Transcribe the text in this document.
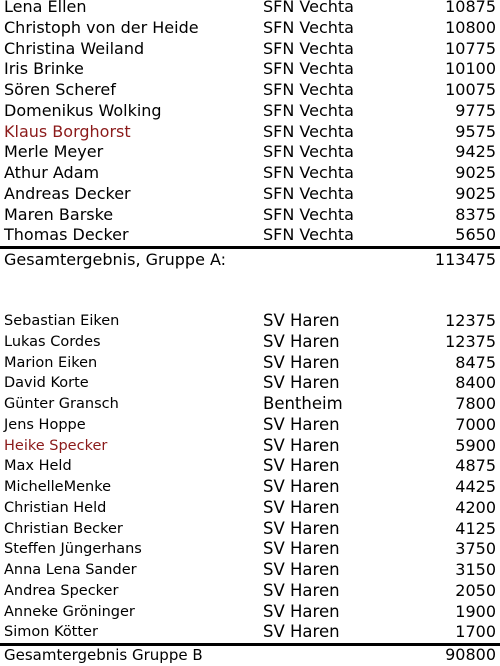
Lena Ellen	SFN Vechta	10875
Christoph von der Heide	SFN Vechta	10800
Christina Weiland	SFN Vechta	10775
Iris Brinke	SFN Vechta	10100
Sören Scheref	SFN Vechta	10075
Domenikus Wolking	SFN Vechta	9775
Klaus Borghorst	SFN Vechta	9575
Merle Meyer	SFN Vechta	9425
Athur Adam	SFN Vechta	9025
Andreas Decker	SFN Vechta	9025
Maren Barske	SFN Vechta	8375
Thomas Decker	SFN Vechta	5650
Gesamtergebnis, Gruppe A:	113475
Sebastian Eiken	SV Haren	12375
Lukas Cordes	SV Haren	12375
Marion Eiken	SV Haren	8475
David Korte	SV Haren	8400
Günter Gransch	Bentheim	7800
Jens Hoppe	SV Haren	7000
Heike Specker	SV Haren	5900
Max Held	SV Haren	4875
MichelleMenke	SV Haren	4425
Christian Held	SV Haren	4200
Christian Becker	SV Haren	4125
Steffen Jüngerhans	SV Haren	3750
Anna Lena Sander	SV Haren	3150
Andrea Specker	SV Haren	2050
Anneke Gröninger	SV Haren	1900
Simon Kötter	SV Haren	1700
Gesamtergebnis Gruppe B	90800
